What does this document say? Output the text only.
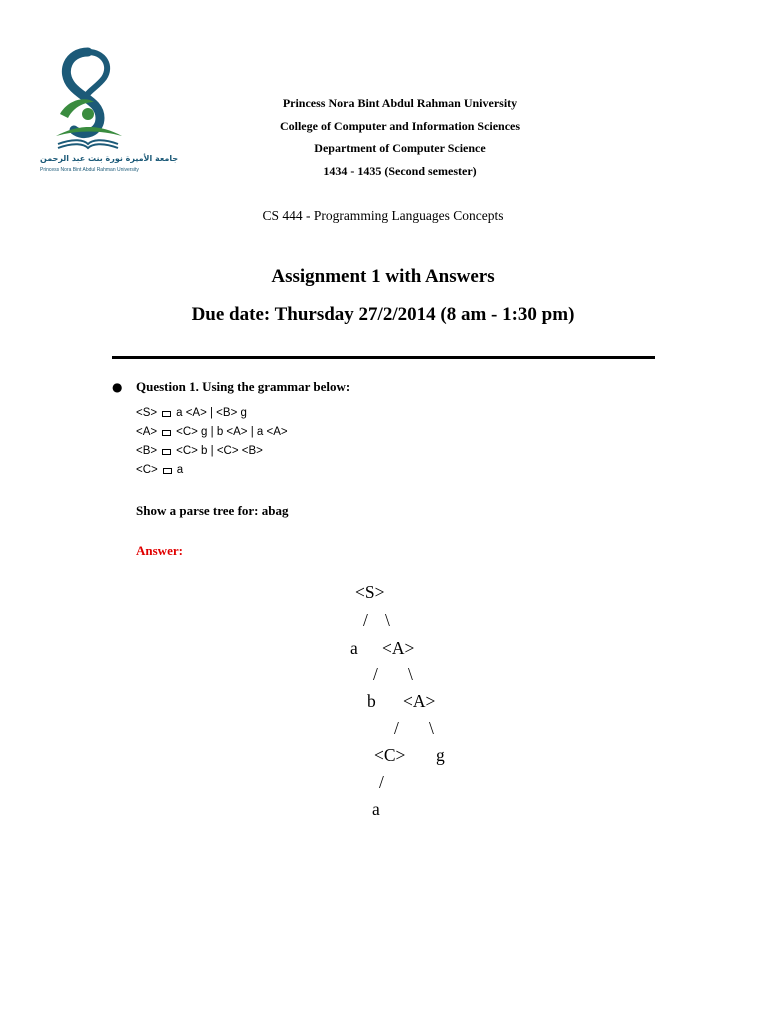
جامعة الأميرة نورة بنت عبد الرحمن
Princess Nora Bint Abdul Rahman University
Princess Nora Bint Abdul Rahman University
College of Computer and Information Sciences
Department of Computer Science
1434 - 1435 (Second semester)
CS 444 - Programming Languages Concepts
Assignment 1 with Answers
Due date: Thursday 27/2/2014 (8 am - 1:30 pm)
● Question 1. Using the grammar below:
<S> a <A> | <B> g
<A> <C> g | b <A> | a <A>
<B> <C> b | <C> <B>
<C> a
Show a parse tree for: abag
Answer:
<S>
/ \
a <A>
/ \
b <A>
/ \
<C> g
/
a
